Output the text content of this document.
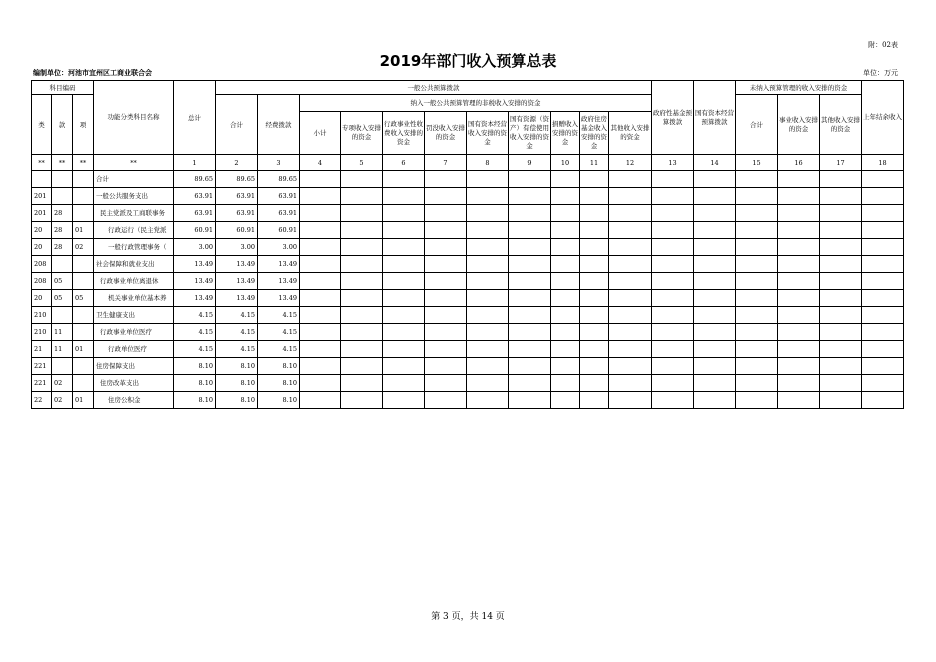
附：02表
2019年部门收入预算总表
编制单位：河池市宜州区工商业联合会	单位：万元
科目编码			功能分类科目名称	总计	一般公共预算拨款											政府性基金预算拨款	国有资本经营预算拨款	未纳入预算管理的收入安排的资金			上年结余收入
类	款	项			合计	经费拨款	纳入一般公共预算管理的非税收入安排的资金											合计	事业收入安排的资金	其他收入安排的资金	
							小计	专项收入安排的资金	行政事业性收费收入安排的资金	罚没收入安排的资金	国有资本经营收入安排的资金	国有资源（资产）有偿使用收入安排的资金	捐赠收入安排的资金	政府住房基金收入安排的资金	其他收入安排的资金						
**	**	**	**	1	2	3	4	5	6	7	8	9	10	11	12	13	14	15	16	17	18
			合计	89.65	89.65	89.65															
201			一般公共服务支出	63.91	63.91	63.91															
201	28		民主党派及工商联事务	63.91	63.91	63.91															
20	28	01	行政运行（民主党派	60.91	60.91	60.91															
20	28	02	一般行政管理事务（	3.00	3.00	3.00															
208			社会保障和就业支出	13.49	13.49	13.49															
208	05		行政事业单位离退休	13.49	13.49	13.49															
20	05	05	机关事业单位基本养	13.49	13.49	13.49															
210			卫生健康支出	4.15	4.15	4.15															
210	11		行政事业单位医疗	4.15	4.15	4.15															
21	11	01	行政单位医疗	4.15	4.15	4.15															
221			住房保障支出	8.10	8.10	8.10															
221	02		住房改革支出	8.10	8.10	8.10															
22	02	01	住房公积金	8.10	8.10	8.10															
第 3 页，共 14 页
